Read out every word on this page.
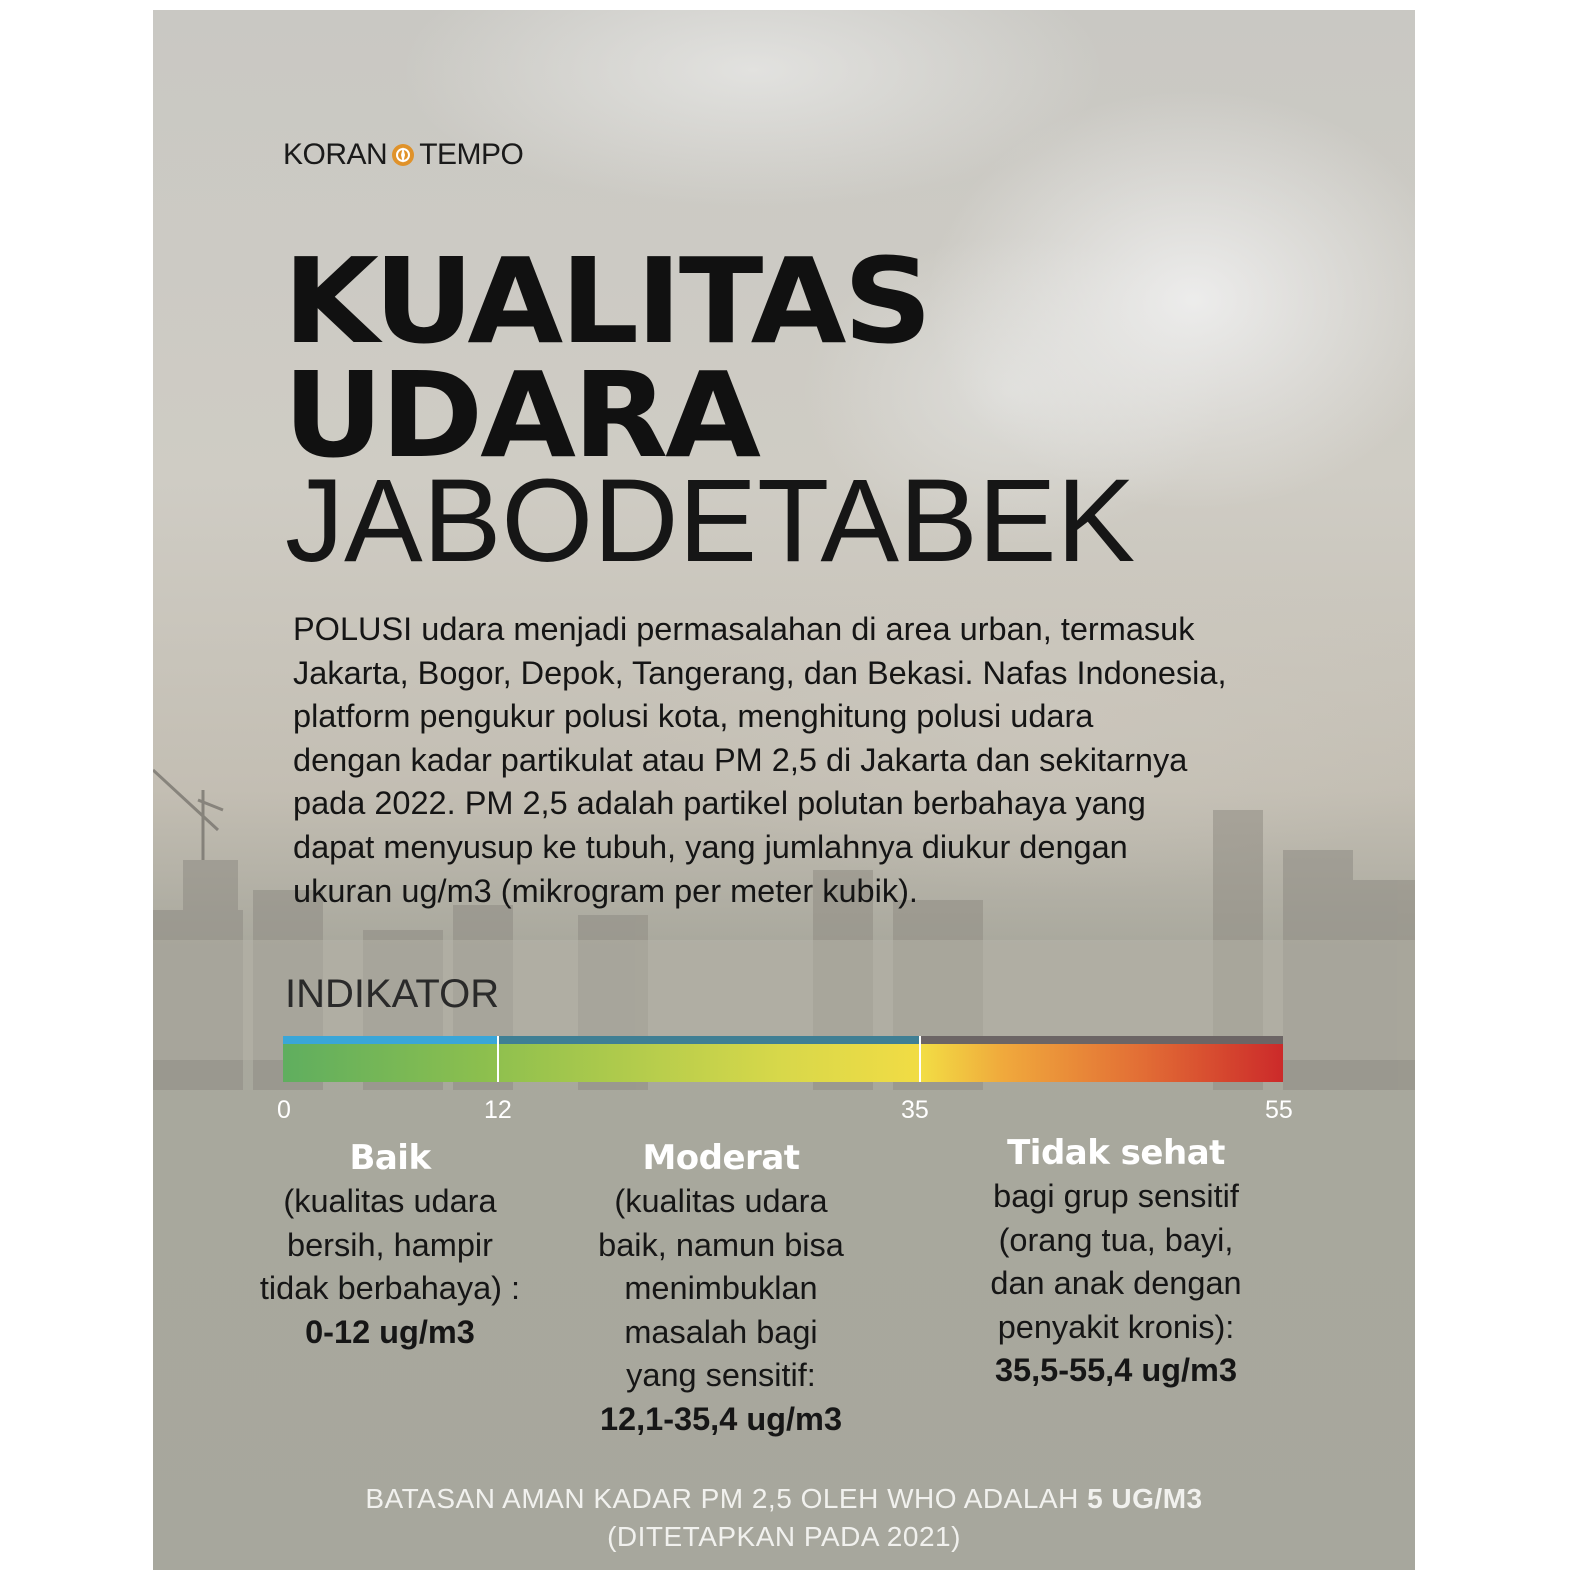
KORAN TEMPO
KUALITAS
UDARA
JABODETABEK
POLUSI udara menjadi permasalahan di area urban, termasuk
Jakarta, Bogor, Depok, Tangerang, dan Bekasi. Nafas Indonesia,
platform pengukur polusi kota, menghitung polusi udara
dengan kadar partikulat atau PM 2,5 di Jakarta dan sekitarnya
pada 2022. PM 2,5 adalah partikel polutan berbahaya yang
dapat menyusup ke tubuh, yang jumlahnya diukur dengan
ukuran ug/m3 (mikrogram per meter kubik).
INDIKATOR
0	12	35	55
Baik
(kualitas udara
bersih, hampir
tidak berbahaya) :
0-12 ug/m3
Moderat
(kualitas udara
baik, namun bisa
menimbuklan
masalah bagi
yang sensitif:
12,1-35,4 ug/m3
Tidak sehat
bagi grup sensitif
(orang tua, bayi,
dan anak dengan
penyakit kronis):
35,5-55,4 ug/m3
BATASAN AMAN KADAR PM 2,5 OLEH WHO ADALAH 5 UG/M3
(DITETAPKAN PADA 2021)
